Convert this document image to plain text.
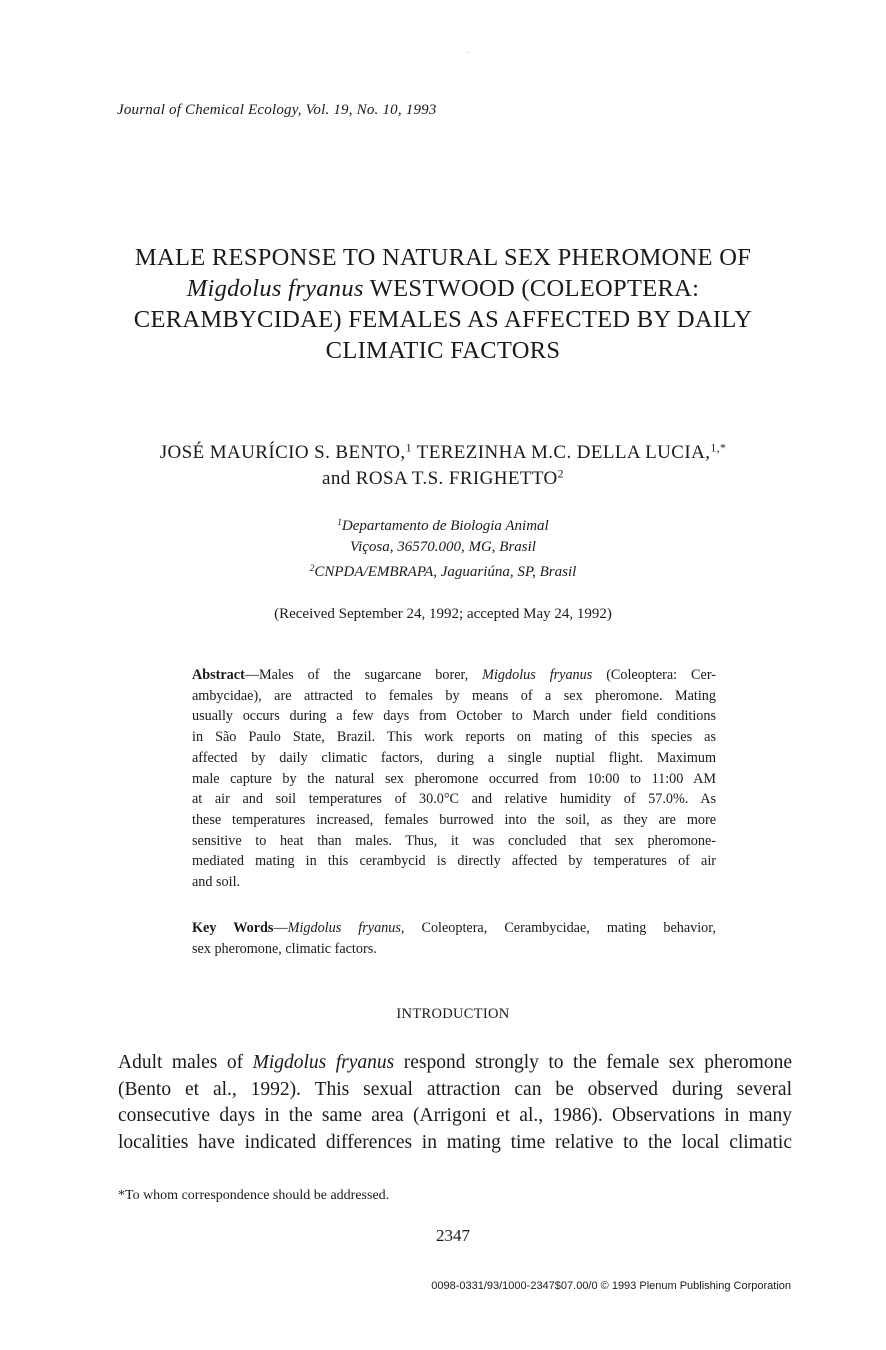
Journal of Chemical Ecology, Vol. 19, No. 10, 1993
MALE RESPONSE TO NATURAL SEX PHEROMONE OF
Migdolus fryanus WESTWOOD (COLEOPTERA:
CERAMBYCIDAE) FEMALES AS AFFECTED BY DAILY
CLIMATIC FACTORS
JOSÉ MAURÍCIO S. BENTO,$^1$ TEREZINHA M.C. DELLA LUCIA,$^{1,*}$
and ROSA T.S. FRIGHETTO$^2$
$^1$Departamento de Biologia Animal
Viçosa, 36570.000, MG, Brasil
$^2$CNPDA/EMBRAPA, Jaguariúna, SP, Brasil
(Received September 24, 1992; accepted May 24, 1992)
Abstract—Males of the sugarcane borer, Migdolus fryanus (Coleoptera: Cer-
ambycidae), are attracted to females by means of a sex pheromone. Mating
usually occurs during a few days from October to March under field conditions
in São Paulo State, Brazil. This work reports on mating of this species as
affected by daily climatic factors, during a single nuptial flight. Maximum
male capture by the natural sex pheromone occurred from 10:00 to 11:00 AM
at air and soil temperatures of 30.0°C and relative humidity of 57.0%. As
these temperatures increased, females burrowed into the soil, as they are more
sensitive to heat than males. Thus, it was concluded that sex pheromone-
mediated mating in this cerambycid is directly affected by temperatures of air
and soil.
Key Words—Migdolus fryanus, Coleoptera, Cerambycidae, mating behavior,
sex pheromone, climatic factors.
INTRODUCTION
Adult males of Migdolus fryanus respond strongly to the female sex pheromone
(Bento et al., 1992). This sexual attraction can be observed during several
consecutive days in the same area (Arrigoni et al., 1986). Observations in many
localities have indicated differences in mating time relative to the local climatic
*To whom correspondence should be addressed.
2347
0098-0331/93/1000-2347$07.00/0 © 1993 Plenum Publishing Corporation
